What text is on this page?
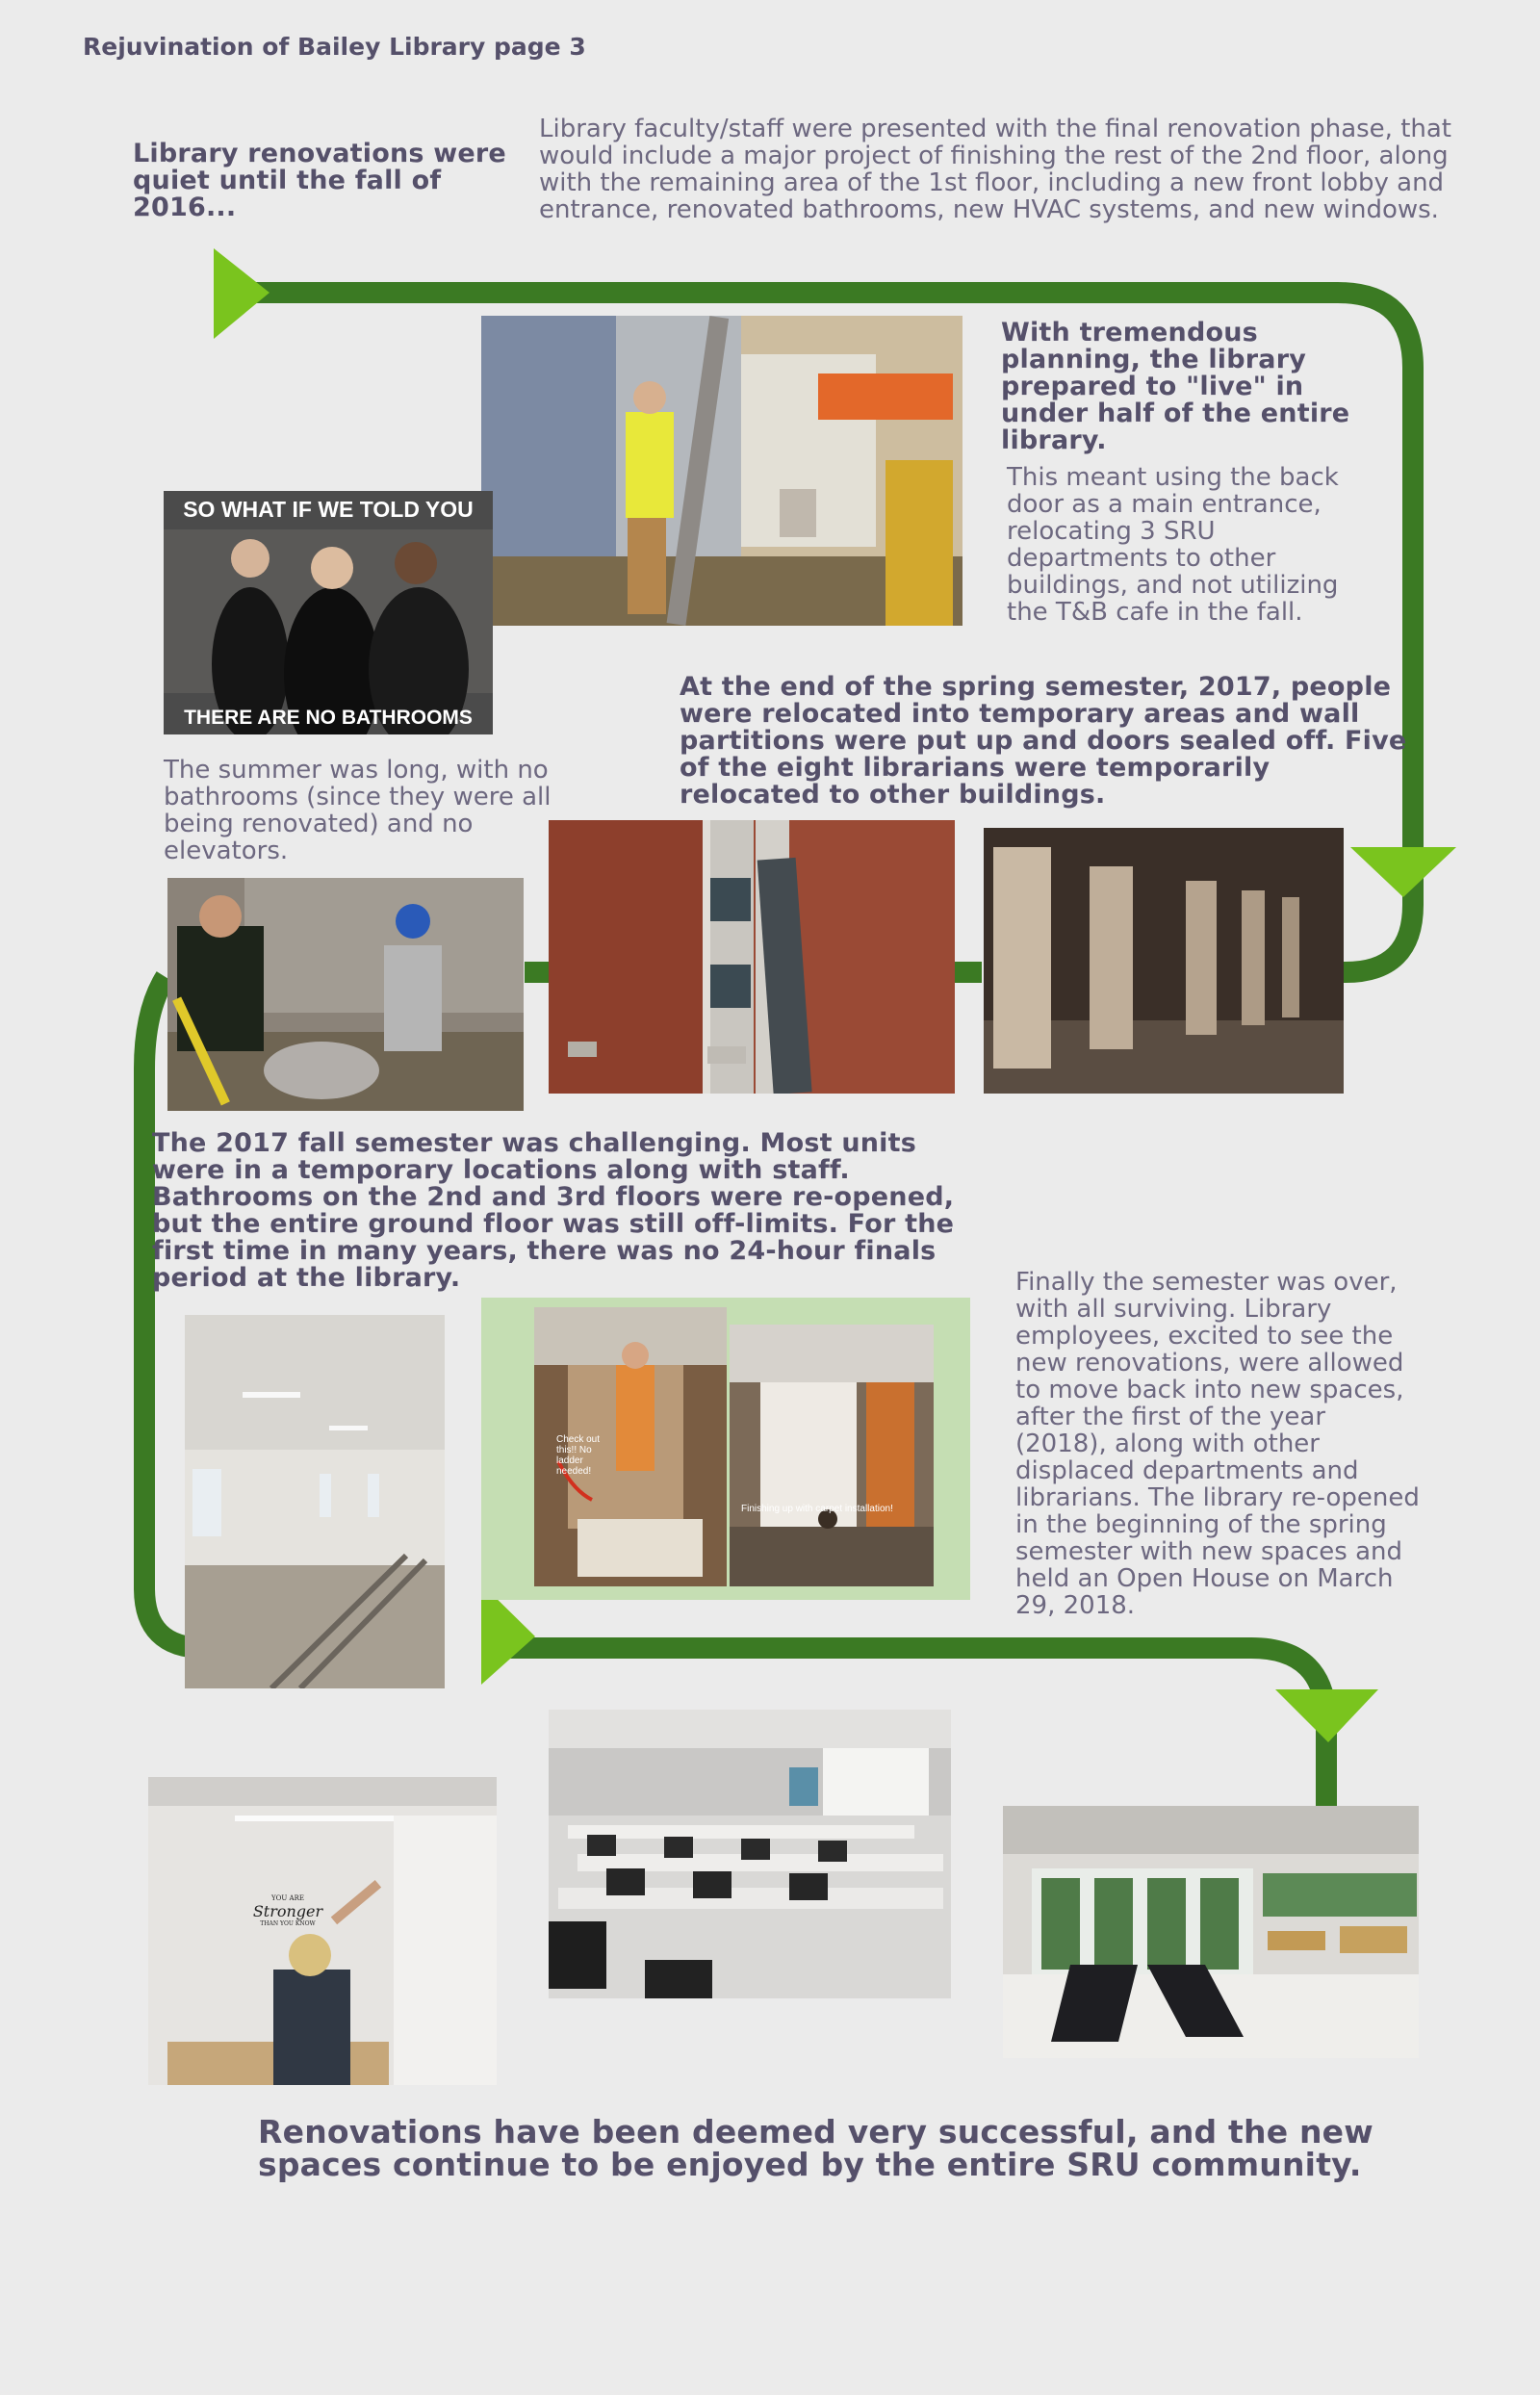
Rejuvination of Bailey Library page 3
Library renovations were quiet until the fall of 2016...
Library faculty/staff were presented with the final renovation phase, that would include a major project of finishing the rest of the 2nd floor, along with the remaining area of the 1st floor, including a new front lobby and entrance, renovated bathrooms, new HVAC systems, and new windows.
With tremendous planning, the library prepared to "live" in under half of the entire library.
This meant using the back door as a main entrance, relocating 3 SRU departments to other buildings, and not utilizing the T&B cafe in the fall.
SO WHAT IF WE TOLD YOU
THERE ARE NO BATHROOMS
At the end of the spring semester, 2017, people were relocated into temporary areas and wall partitions were put up and doors sealed off. Five of the eight librarians were temporarily relocated to other buildings.
The summer was long, with no bathrooms (since they were all being renovated) and no elevators.
The 2017 fall semester was challenging. Most units were in a temporary locations along with staff. Bathrooms on the 2nd and 3rd floors were re-opened, but the entire ground floor was still off-limits. For the first time in many years, there was no 24-hour finals period at the library.	Finally the semester was over, with all surviving. Library employees, excited to see the new renovations, were allowed to move back into new spaces, after the first of the year (2018), along with other displaced departments and librarians. The library re-opened in the beginning of the spring semester with new spaces and held an Open House on March 29, 2018.
Check out this!! No ladder needed!
Finishing up with carpet installation!
YOU ARE
Stronger
THAN YOU KNOW
Renovations have been deemed very successful, and the new spaces continue to be enjoyed by the entire SRU community.
